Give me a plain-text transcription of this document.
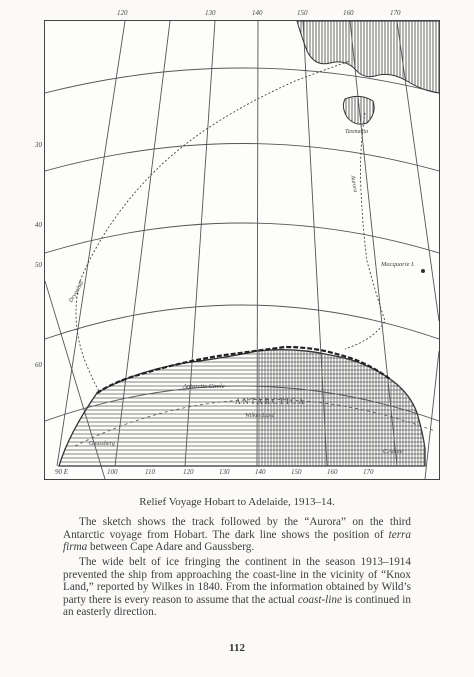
120	130	140	150	160	170
30
40
50
60
90 E	100	110	120	130	140	150	160	170
Tasmania
Macquarie I.
ANTARCTICA
Antarctic Circle
Gaussberg
C.Adare
Wilkes Land
Drygalski
Aurora
Relief Voyage Hobart to Adelaide, 1913–14.

The sketch shows the track followed by the “Aurora” on the third Antarctic voyage from Hobart. The dark line shows the position of terra firma between Cape Adare and Gaussberg.

The wide belt of ice fringing the continent in the season 1913–1914 prevented the ship from approaching the coast-line in the vicinity of “Knox Land,” reported by Wilkes in 1840. From the information obtained by Wild’s party there is every reason to assume that the actual coast-line is continued in an easterly direction.

112
